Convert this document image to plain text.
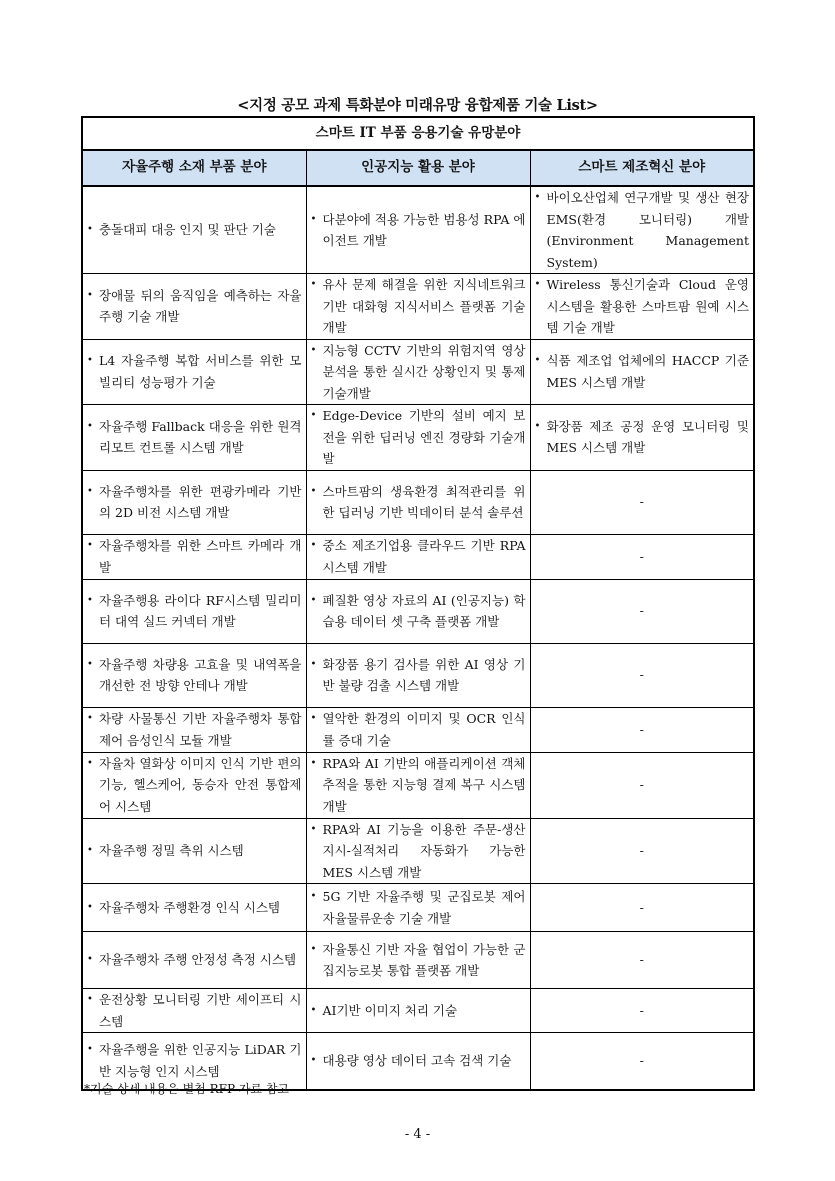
<지정 공모 과제 특화분야 미래유망 융합제품 기술 List>
스마트 IT 부품 응용기술 유망분야		
자율주행 소재 부품 분야	인공지능 활용 분야	스마트 제조혁신 분야

• 충돌대피 대응 인지 및 판단 기술	• 다분야에 적용 가능한 범용성 RPA 에이전트 개발	• 바이오산업체 연구개발 및 생산 현장 EMS(환경 모니터링) 개발 (Environment Management System)

• 장애물 뒤의 움직임을 예측하는 자율주행 기술 개발	• 유사 문제 해결을 위한 지식네트워크 기반 대화형 지식서비스 플랫폼 기술개발	• Wireless 통신기술과 Cloud 운영 시스템을 활용한 스마트팜 원예 시스템 기술 개발

• L4 자율주행 복합 서비스를 위한 모빌리티 성능평가 기술	• 지능형 CCTV 기반의 위험지역 영상분석을 통한 실시간 상황인지 및 통제 기술개발	• 식품 제조업 업체에의 HACCP 기준 MES 시스템 개발

• 자율주행 Fallback 대응을 위한 원격 리모트 컨트롤 시스템 개발	• Edge-Device 기반의 설비 예지 보전을 위한 딥러닝 엔진 경량화 기술개발	• 화장품 제조 공정 운영 모니터링 및 MES 시스템 개발

• 자율주행차를 위한 편광카메라 기반의 2D 비전 시스템 개발	• 스마트팜의 생육환경 최적관리를 위한 딥러닝 기반 빅데이터 분석 솔루션	-

• 자율주행차를 위한 스마트 카메라 개발	• 중소 제조기업용 클라우드 기반 RPA 시스템 개발	-

• 자율주행용 라이다 RF시스템 밀리미터 대역 실드 커넥터 개발	• 폐질환 영상 자료의 AI (인공지능) 학습용 데이터 셋 구축 플랫폼 개발	-

• 자율주행 차량용 고효율 및 내역폭을 개선한 전 방향 안테나 개발	• 화장품 용기 검사를 위한 AI 영상 기반 불량 검출 시스템 개발	-

• 차량 사물통신 기반 자율주행차 통합제어 음성인식 모듈 개발	• 열악한 환경의 이미지 및 OCR 인식률 증대 기술	-

• 자율차 열화상 이미지 인식 기반 편의 기능, 헬스케어, 동승자 안전 통합제어 시스템	• RPA와 AI 기반의 애플리케이션 객체추적을 통한 지능형 결제 복구 시스템 개발	-

• 자율주행 정밀 측위 시스템	• RPA와 AI 기능을 이용한 주문-생산 지시-실적처리 자동화가 가능한 MES 시스템 개발	-

• 자율주행차 주행환경 인식 시스템	• 5G 기반 자율주행 및 군집로봇 제어 자율물류운송 기술 개발	-

• 자율주행차 주행 안정성 측정 시스템	• 자율통신 기반 자율 협업이 가능한 군집지능로봇 통합 플랫폼 개발	-

• 운전상황 모니터링 기반 세이프티 시스템	• AI기반 이미지 처리 기술	-

• 자율주행을 위한 인공지능 LiDAR 기반 지능형 인지 시스템	• 대용량 영상 데이터 고속 검색 기술	-
*기술 상세 내용은 별첨 RFP 자료 참고
- 4 -
